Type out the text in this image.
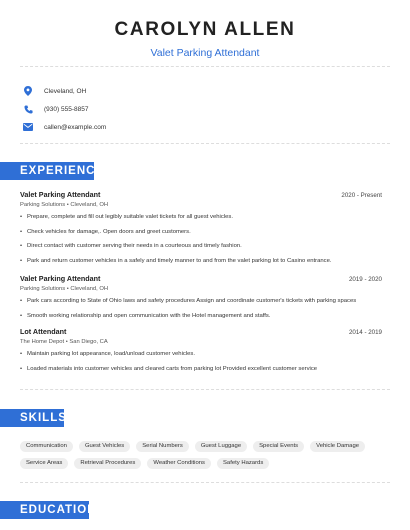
CAROLYN ALLEN
Valet Parking Attendant
Cleveland, OH
(930) 555-8857
callen@example.com
EXPERIENCE
Valet Parking Attendant	2020 - Present
Parking Solutions • Cleveland, OH
• Prepare, complete and fill out legibly suitable valet tickets for all guest vehicles.
• Check vehicles for damage,. Open doors and greet customers.
• Direct contact with customer serving their needs in a courteous and timely fashion.
• Park and return customer vehicles in a safely and timely manner to and from the valet parking lot to Casino entrance.
Valet Parking Attendant	2019 - 2020
Parking Solutions • Cleveland, OH
• Park cars according to State of Ohio laws and safety procedures Assign and coordinate customer's tickets with parking spaces
• Smooth working relationship and open communication with the Hotel management and staffs.
Lot Attendant	2014 - 2019
The Home Depot • San Diego, CA
• Maintain parking lot appearance, load/unload customer vehicles.
• Loaded materials into customer vehicles and cleared carts from parking lot Provided excellent customer service
SKILLS
Communication	Guest Vehicles	Serial Numbers	Guest Luggage	Special Events	Vehicle Damage
Service Areas	Retrieval Procedures	Weather Conditions	Safety Hazards
EDUCATION
